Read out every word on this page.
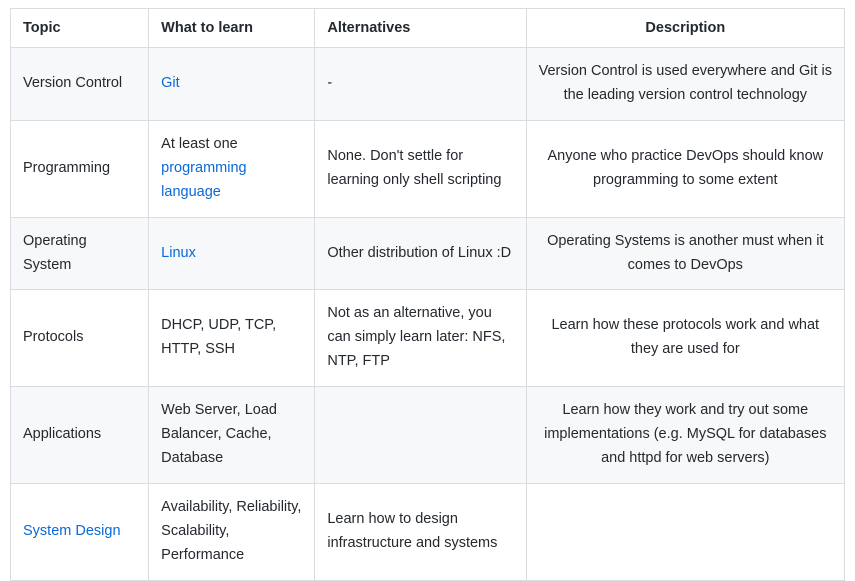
Topic	What to learn	Alternatives	Description
Version Control	Git	-	Version Control is used everywhere and Git is the leading version control technology
Programming	At least one programming language	None. Don't settle for learning only shell scripting	Anyone who practice DevOps should know programming to some extent
Operating System	Linux	Other distribution of Linux :D	Operating Systems is another must when it comes to DevOps
Protocols	DHCP, UDP, TCP, HTTP, SSH	Not as an alternative, you can simply learn later: NFS, NTP, FTP	Learn how these protocols work and what they are used for
Applications	Web Server, Load Balancer, Cache, Database		Learn how they work and try out some implementations (e.g. MySQL for databases and httpd for web servers)
System Design	Availability, Reliability, Scalability, Performance	Learn how to design infrastructure and systems	
